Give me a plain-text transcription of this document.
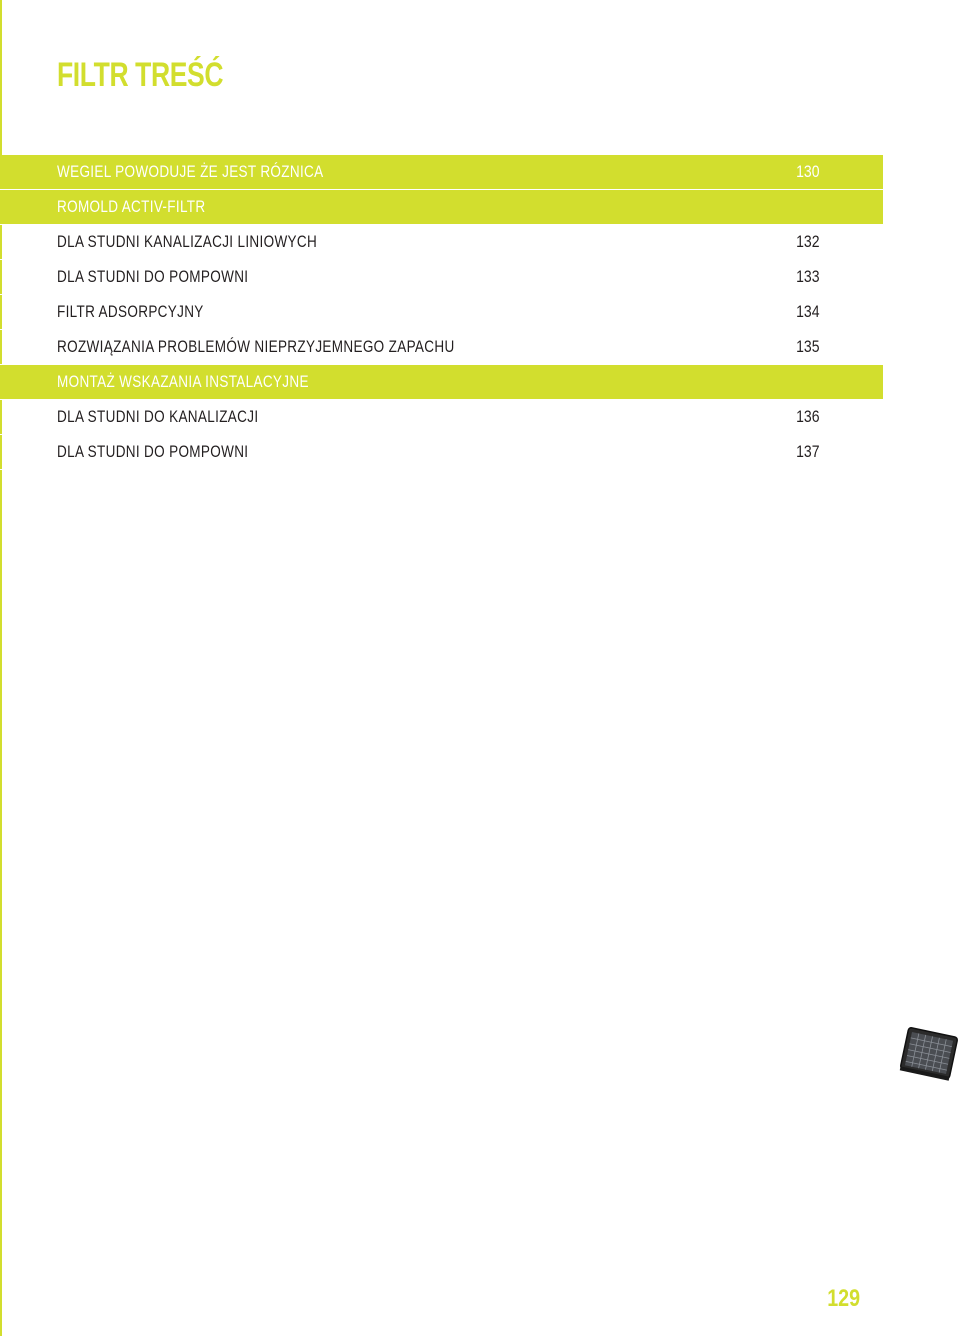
FILTR TREŚĆ
WEGIEL POWODUJE ŻE JEST RÓZNICA	130
ROMOLD ACTIV-FILTR
DLA STUDNI KANALIZACJI LINIOWYCH	132
DLA STUDNI DO POMPOWNI	133
FILTR ADSORPCYJNY	134
ROZWIĄZANIA PROBLEMÓW NIEPRZYJEMNEGO ZAPACHU	135
MONTAŻ WSKAZANIA INSTALACYJNE
DLA STUDNI DO KANALIZACJI	136
DLA STUDNI DO POMPOWNI	137
129
